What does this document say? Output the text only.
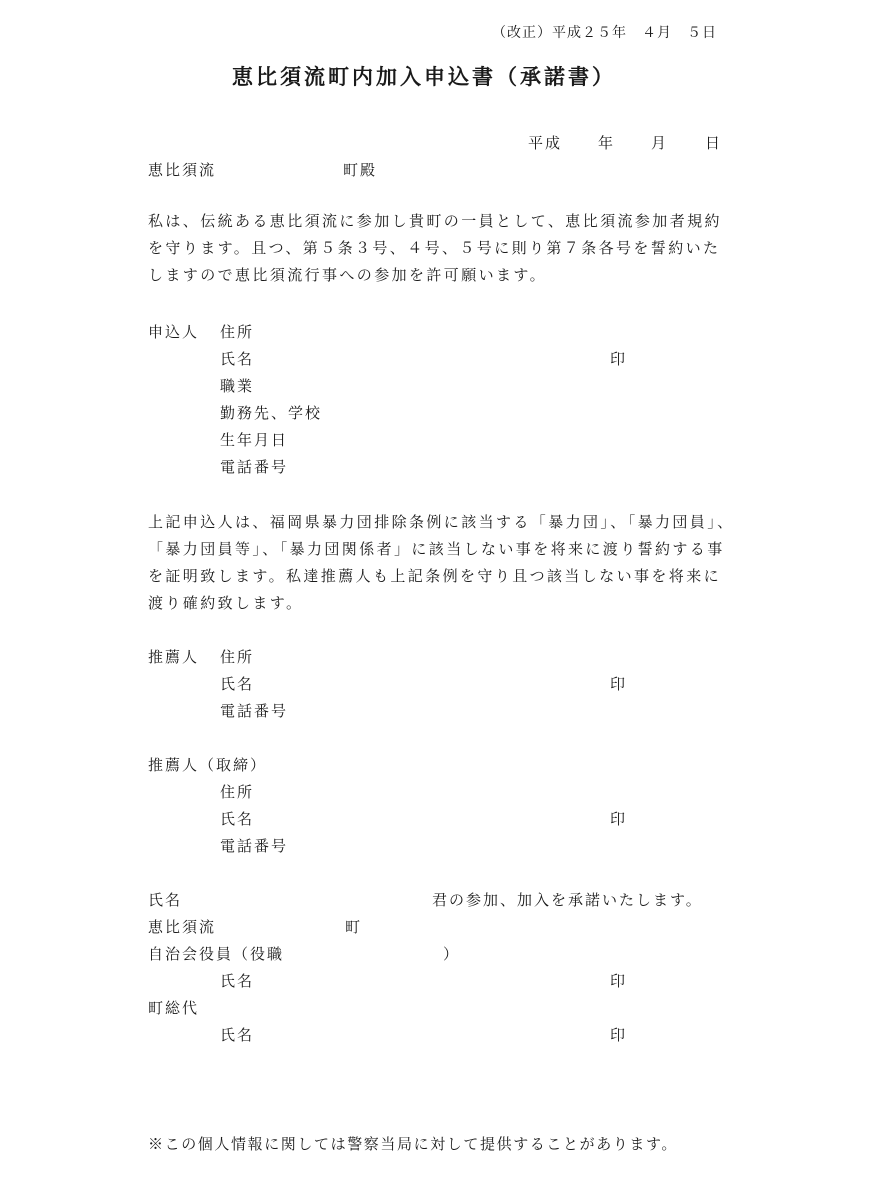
（改正）平成２５年　４月　５日
恵比須流町内加入申込書（承諾書）
平成 年 月 日
恵比須流	町殿
私は、伝統ある恵比須流に参加し貴町の一員として、恵比須流参加者規約
を守ります。且つ、第５条３号、４号、５号に則り第７条各号を誓約いた
しますので恵比須流行事への参加を許可願います。
申込人 住所
氏名	印
職業
勤務先、学校
生年月日
電話番号
上記申込人は、福岡県暴力団排除条例に該当する「暴力団」、「暴力団員」、
「暴力団員等」、「暴力団関係者」に該当しない事を将来に渡り誓約する事
を証明致します。私達推薦人も上記条例を守り且つ該当しない事を将来に
渡り確約致します。
推薦人 住所
氏名	印
電話番号
推薦人（取締）
住所
氏名	印
電話番号
氏名	君の参加、加入を承諾いたします。
恵比須流	町
自治会役員（役職	）
氏名	印
町総代
氏名	印
※この個人情報に関しては警察当局に対して提供することがあります。
